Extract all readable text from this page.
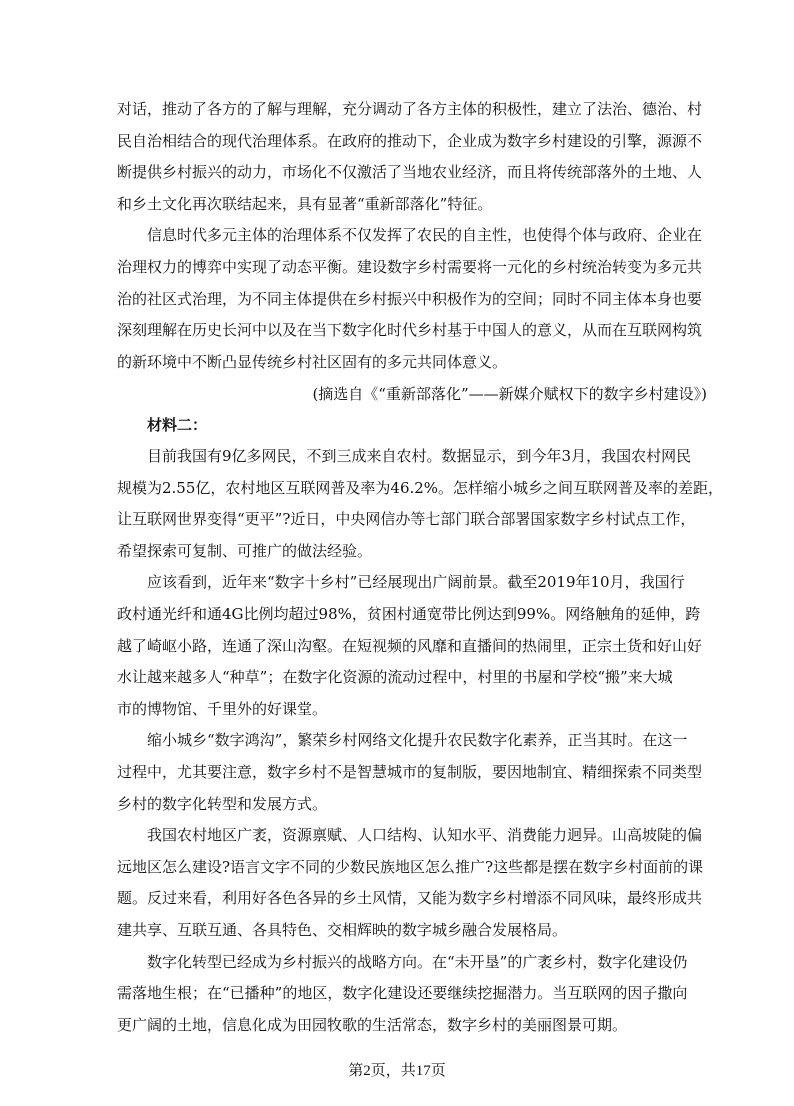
对话，推动了各方的了解与理解，充分调动了各方主体的积极性，建立了法治、德治、村
民自治相结合的现代治理体系。在政府的推动下，企业成为数字乡村建设的引擎，源源不
断提供乡村振兴的动力，市场化不仅激活了当地农业经济，而且将传统部落外的土地、人
和乡土文化再次联结起来，具有显著“重新部落化”特征。

信息时代多元主体的治理体系不仅发挥了农民的自主性，也使得个体与政府、企业在
治理权力的博弈中实现了动态平衡。建设数字乡村需要将一元化的乡村统治转变为多元共
治的社区式治理，为不同主体提供在乡村振兴中积极作为的空间；同时不同主体本身也要
深刻理解在历史长河中以及在当下数字化时代乡村基于中国人的意义，从而在互联网构筑
的新环境中不断凸显传统乡村社区固有的多元共同体意义。

(摘选自《“重新部落化”——新媒介赋权下的数字乡村建设》)
材料二：

目前我国有9亿多网民，不到三成来自农村。数据显示，到今年3月，我国农村网民
规模为2.55亿，农村地区互联网普及率为46.2%。怎样缩小城乡之间互联网普及率的差距，
让互联网世界变得“更平”?近日，中央网信办等七部门联合部署国家数字乡村试点工作，
希望探索可复制、可推广的做法经验。

应该看到，近年来“数字十乡村”已经展现出广阔前景。截至2019年10月，我国行
政村通光纤和通4G比例均超过98%，贫困村通宽带比例达到99%。网络触角的延伸，跨
越了崎岖小路，连通了深山沟壑。在短视频的风靡和直播间的热闹里，正宗土货和好山好
水让越来越多人“种草”；在数字化资源的流动过程中，村里的书屋和学校“搬”来大城
市的博物馆、千里外的好课堂。

缩小城乡“数字鸿沟”，繁荣乡村网络文化提升农民数字化素养，正当其时。在这一
过程中，尤其要注意，数字乡村不是智慧城市的复制版，要因地制宜、精细探索不同类型
乡村的数字化转型和发展方式。

我国农村地区广袤，资源禀赋、人口结构、认知水平、消费能力迥异。山高坡陡的偏
远地区怎么建设?语言文字不同的少数民族地区怎么推广?这些都是摆在数字乡村面前的课
题。反过来看，利用好各色各异的乡土风情，又能为数字乡村增添不同风味，最终形成共
建共享、互联互通、各具特色、交相辉映的数字城乡融合发展格局。

数字化转型已经成为乡村振兴的战略方向。在“未开垦”的广袤乡村，数字化建设仍
需落地生根；在“已播种”的地区，数字化建设还要继续挖掘潜力。当互联网的因子撒向
更广阔的土地，信息化成为田园牧歌的生活常态，数字乡村的美丽图景可期。

第2页，共17页
